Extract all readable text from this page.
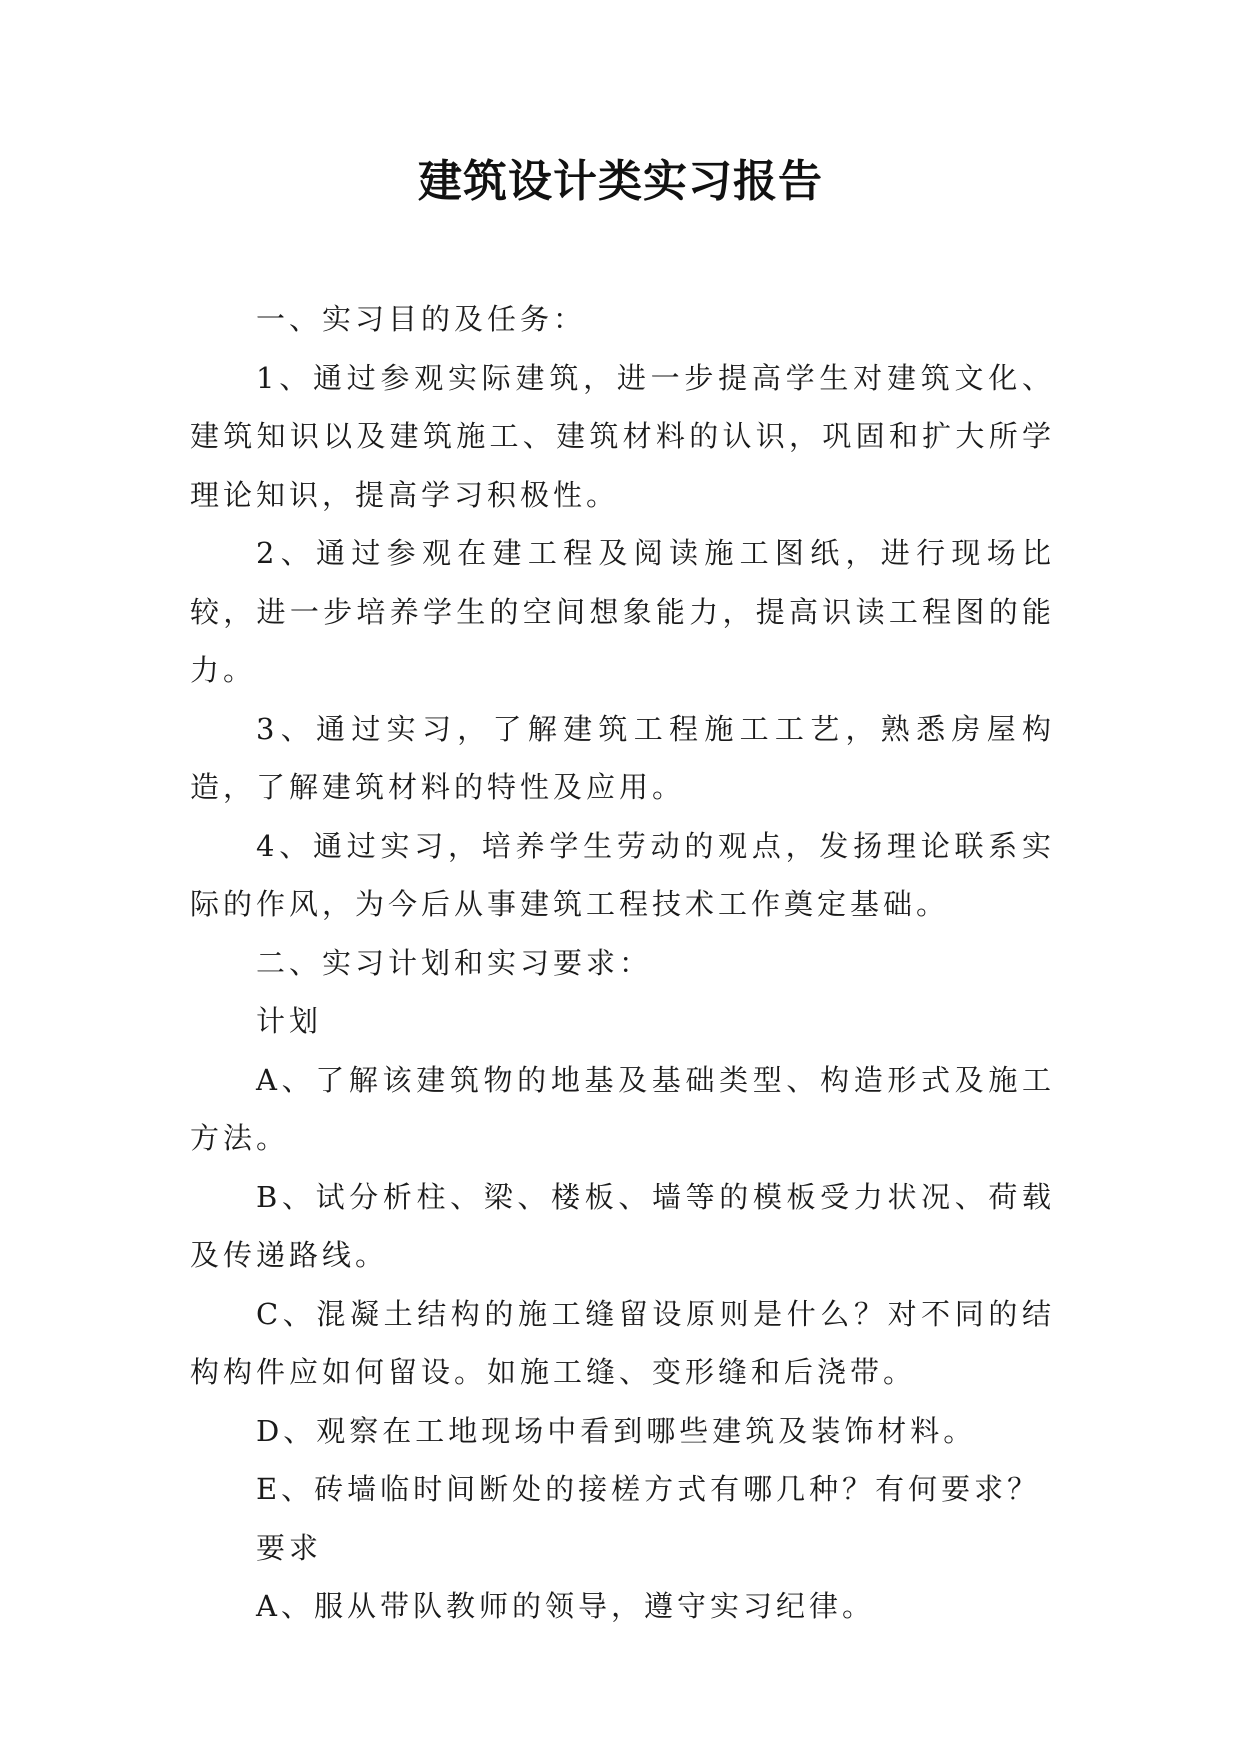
建筑设计类实习报告

一、实习目的及任务：

1、通过参观实际建筑，进一步提高学生对建筑文化、建筑知识以及建筑施工、建筑材料的认识，巩固和扩大所学理论知识，提高学习积极性。

2、通过参观在建工程及阅读施工图纸，进行现场比较，进一步培养学生的空间想象能力，提高识读工程图的能力。

3、通过实习，了解建筑工程施工工艺，熟悉房屋构造，了解建筑材料的特性及应用。

4、通过实习，培养学生劳动的观点，发扬理论联系实际的作风，为今后从事建筑工程技术工作奠定基础。

二、实习计划和实习要求：

计划

A、了解该建筑物的地基及基础类型、构造形式及施工方法。

B、试分析柱、梁、楼板、墙等的模板受力状况、荷载及传递路线。

C、混凝土结构的施工缝留设原则是什么？对不同的结构构件应如何留设。如施工缝、变形缝和后浇带。

D、观察在工地现场中看到哪些建筑及装饰材料。

E、砖墙临时间断处的接槎方式有哪几种？有何要求？

要求

A、服从带队教师的领导，遵守实习纪律。
